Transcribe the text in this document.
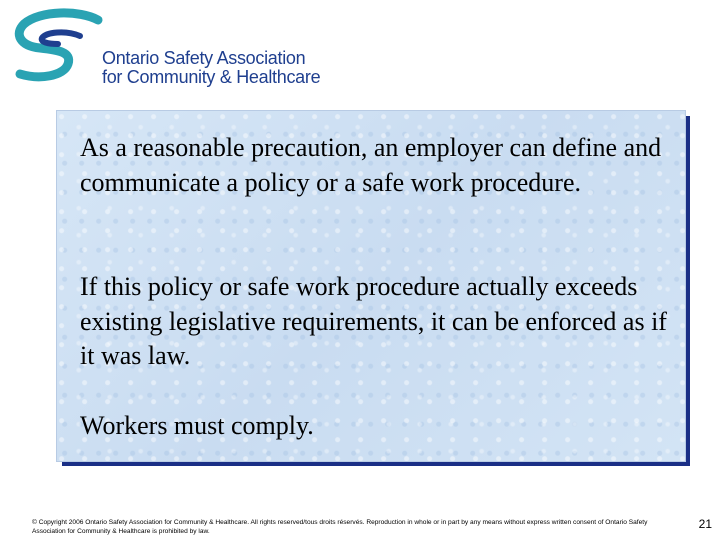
Ontario Safety Association
for Community & Healthcare

As a reasonable precaution, an employer can define and communicate a policy or a safe work procedure.

If this policy or safe work procedure actually exceeds existing legislative requirements, it can be enforced as if it was law.

Workers must comply.

© Copyright 2006 Ontario Safety Association for Community & Healthcare. All rights reserved/tous droits réservés. Reproduction in whole or in part by any means without express written consent of Ontario Safety Association for Community & Healthcare is prohibited by law.
21
